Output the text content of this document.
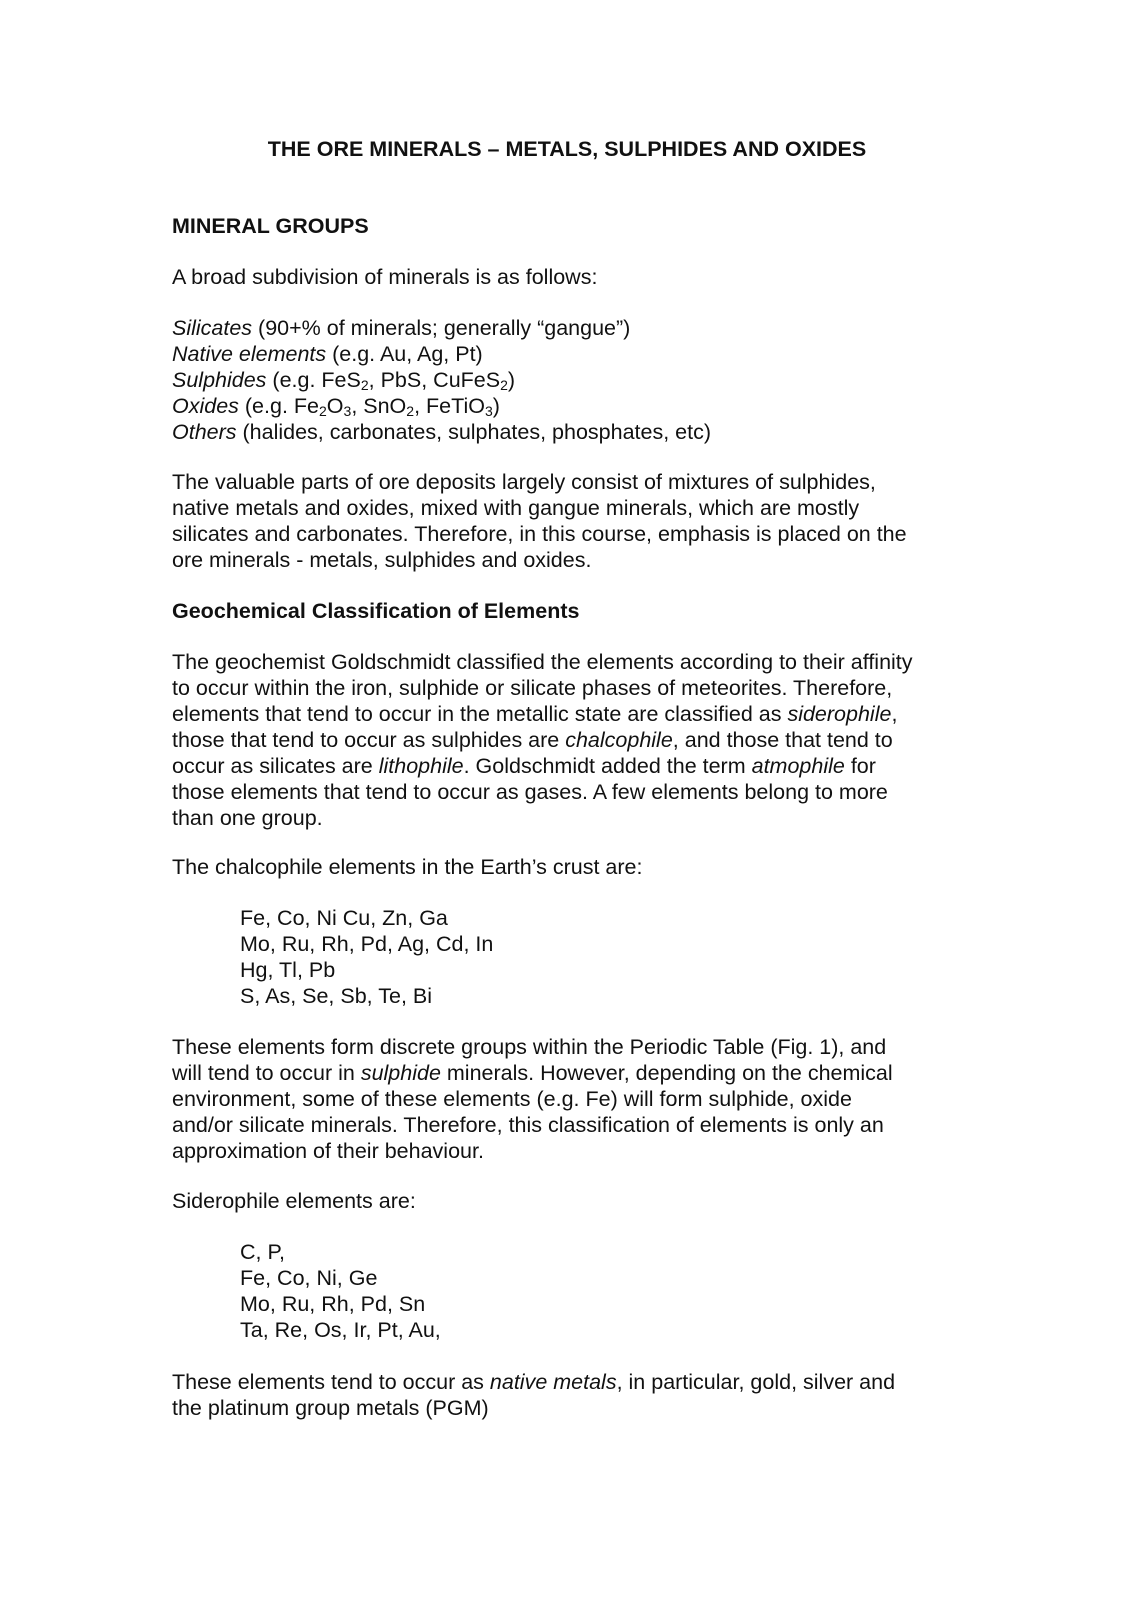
THE ORE MINERALS – METALS, SULPHIDES AND OXIDES
MINERAL GROUPS

A broad subdivision of minerals is as follows:

Silicates (90+% of minerals; generally “gangue”)
Native elements (e.g. Au, Ag, Pt)
Sulphides (e.g. FeS$_2$, PbS, CuFeS$_2$)
Oxides (e.g. $Fe_2O_3$, SnO$_2$, FeTiO$_3$)
Others (halides, carbonates, sulphates, phosphates, etc)
The valuable parts of ore deposits largely consist of mixtures of sulphides,
native metals and oxides, mixed with gangue minerals, which are mostly
silicates and carbonates. Therefore, in this course, emphasis is placed on the
ore minerals - metals, sulphides and oxides.
Geochemical Classification of Elements
The geochemist Goldschmidt classified the elements according to their affinity
to occur within the iron, sulphide or silicate phases of meteorites. Therefore,
elements that tend to occur in the metallic state are classified as siderophile,
those that tend to occur as sulphides are chalcophile, and those that tend to
occur as silicates are lithophile. Goldschmidt added the term atmophile for
those elements that tend to occur as gases. A few elements belong to more
than one group.

The chalcophile elements in the Earth’s crust are:

Fe, Co, Ni Cu, Zn, Ga
Mo, Ru, Rh, Pd, Ag, Cd, In
Hg, Tl, Pb
S, As, Se, Sb, Te, Bi
These elements form discrete groups within the Periodic Table (Fig. 1), and
will tend to occur in sulphide minerals. However, depending on the chemical
environment, some of these elements (e.g. Fe) will form sulphide, oxide
and/or silicate minerals. Therefore, this classification of elements is only an
approximation of their behaviour.

Siderophile elements are:

C, P,
Fe, Co, Ni, Ge
Mo, Ru, Rh, Pd, Sn
Ta, Re, Os, Ir, Pt, Au,
These elements tend to occur as native metals, in particular, gold, silver and
the platinum group metals (PGM)
